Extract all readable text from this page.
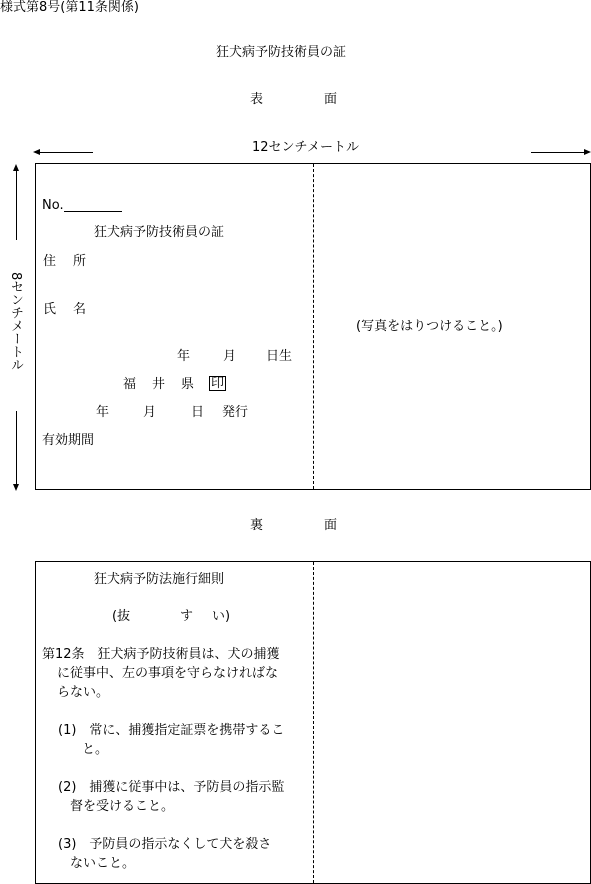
様式第8号(第11条関係)
狂犬病予防技術員の証
表	面
12センチメートル
8センチメートル
No.
狂犬病予防技術員の証
住 所
氏 名
年	月 日生
福 井 県 印
年	月	日 発行
有効期間
(写真をはりつけること。)
裏	面
狂犬病予防法施行細則
(抜	す い)
第12条　狂犬病予防技術員は、犬の捕獲
に従事中、左の事項を守らなければな
らない。
(1)　常に、捕獲指定証票を携帯するこ
と。
(2)　捕獲に従事中は、予防員の指示監
督を受けること。
(3)　予防員の指示なくして犬を殺さ
ないこと。
